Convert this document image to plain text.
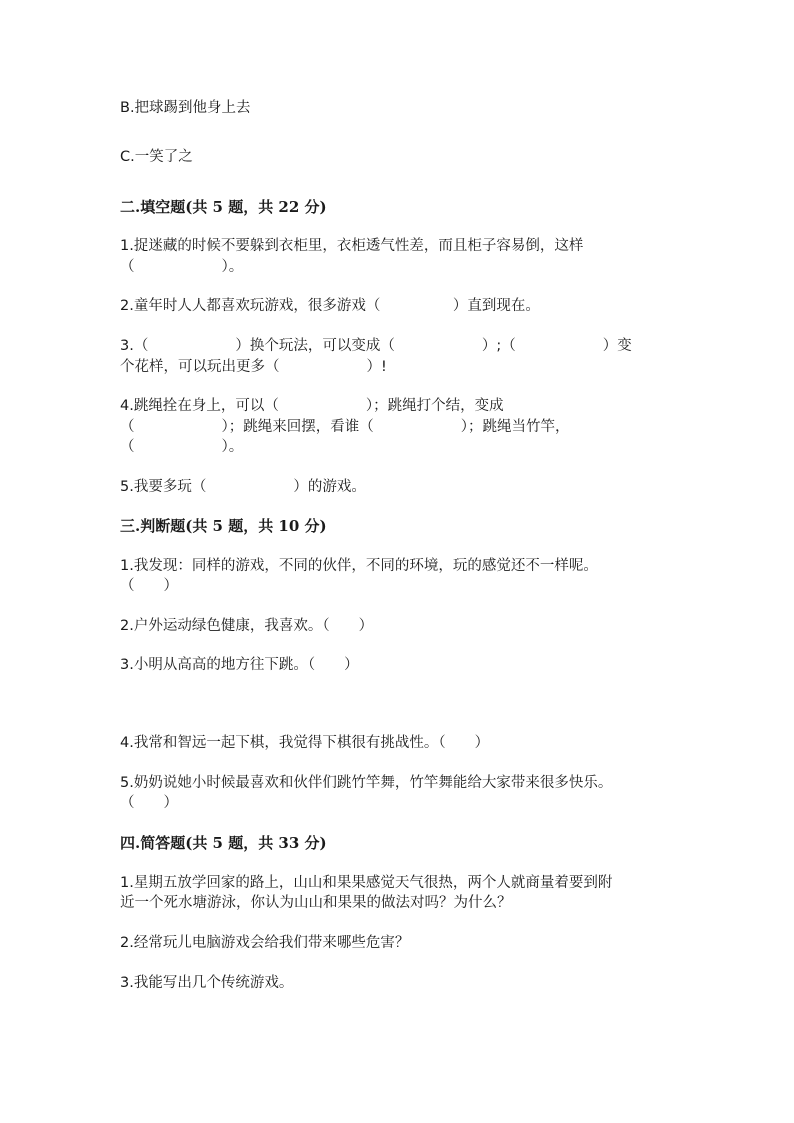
B.把球踢到他身上去
C.一笑了之
二.填空题(共 5 题，共 22 分)
1.捉迷藏的时候不要躲到衣柜里，衣柜透气性差，而且柜子容易倒，这样
（　　　　　　）。
2.童年时人人都喜欢玩游戏，很多游戏（　　　　　）直到现在。
3.（　　　　　　）换个玩法，可以变成（　　　　　　）;（　　　　　　）变
个花样，可以玩出更多（　　　　　　）!
4.跳绳拴在身上，可以（　　　　　　）；跳绳打个结，变成
（　　　　　　）；跳绳来回摆，看谁（　　　　　　）；跳绳当竹竿，
（　　　　　　）。
5.我要多玩（　　　　　　）的游戏。
三.判断题(共 5 题，共 10 分)
1.我发现：同样的游戏，不同的伙伴，不同的环境，玩的感觉还不一样呢。
（　　）
2.户外运动绿色健康，我喜欢。（　　）
3.小明从高高的地方往下跳。（　　）
4.我常和智远一起下棋，我觉得下棋很有挑战性。（　　）
5.奶奶说她小时候最喜欢和伙伴们跳竹竿舞，竹竿舞能给大家带来很多快乐。
（　　）
四.简答题(共 5 题，共 33 分)
1.星期五放学回家的路上，山山和果果感觉天气很热，两个人就商量着要到附
近一个死水塘游泳，你认为山山和果果的做法对吗？为什么？
2.经常玩儿电脑游戏会给我们带来哪些危害？
3.我能写出几个传统游戏。
